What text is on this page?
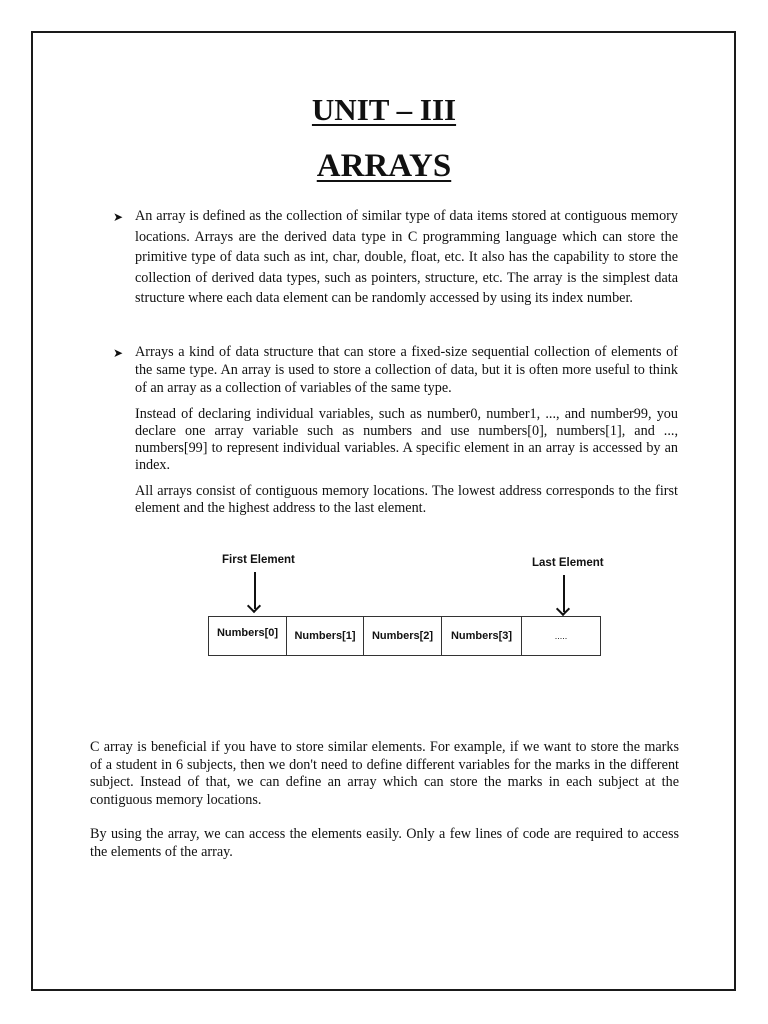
UNIT – III
ARRAYS
➤ An array is defined as the collection of similar type of data items stored at contiguous memory locations. Arrays are the derived data type in C programming language which can store the primitive type of data such as int, char, double, float, etc. It also has the capability to store the collection of derived data types, such as pointers, structure, etc. The array is the simplest data structure where each data element can be randomly accessed by using its index number.

➤ Arrays a kind of data structure that can store a fixed-size sequential collection of elements of the same type. An array is used to store a collection of data, but it is often more useful to think of an array as a collection of variables of the same type.

Instead of declaring individual variables, such as number0, number1, ..., and number99, you declare one array variable such as numbers and use numbers[0], numbers[1], and ..., numbers[99] to represent individual variables. A specific element in an array is accessed by an index.

All arrays consist of contiguous memory locations. The lowest address corresponds to the first element and the highest address to the last element.

First Element	Last Element
Numbers[0]	Numbers[1]	Numbers[2]	Numbers[3]	.....

C array is beneficial if you have to store similar elements. For example, if we want to store the marks of a student in 6 subjects, then we don't need to define different variables for the marks in the different subject. Instead of that, we can define an array which can store the marks in each subject at the contiguous memory locations.

By using the array, we can access the elements easily. Only a few lines of code are required to access the elements of the array.
